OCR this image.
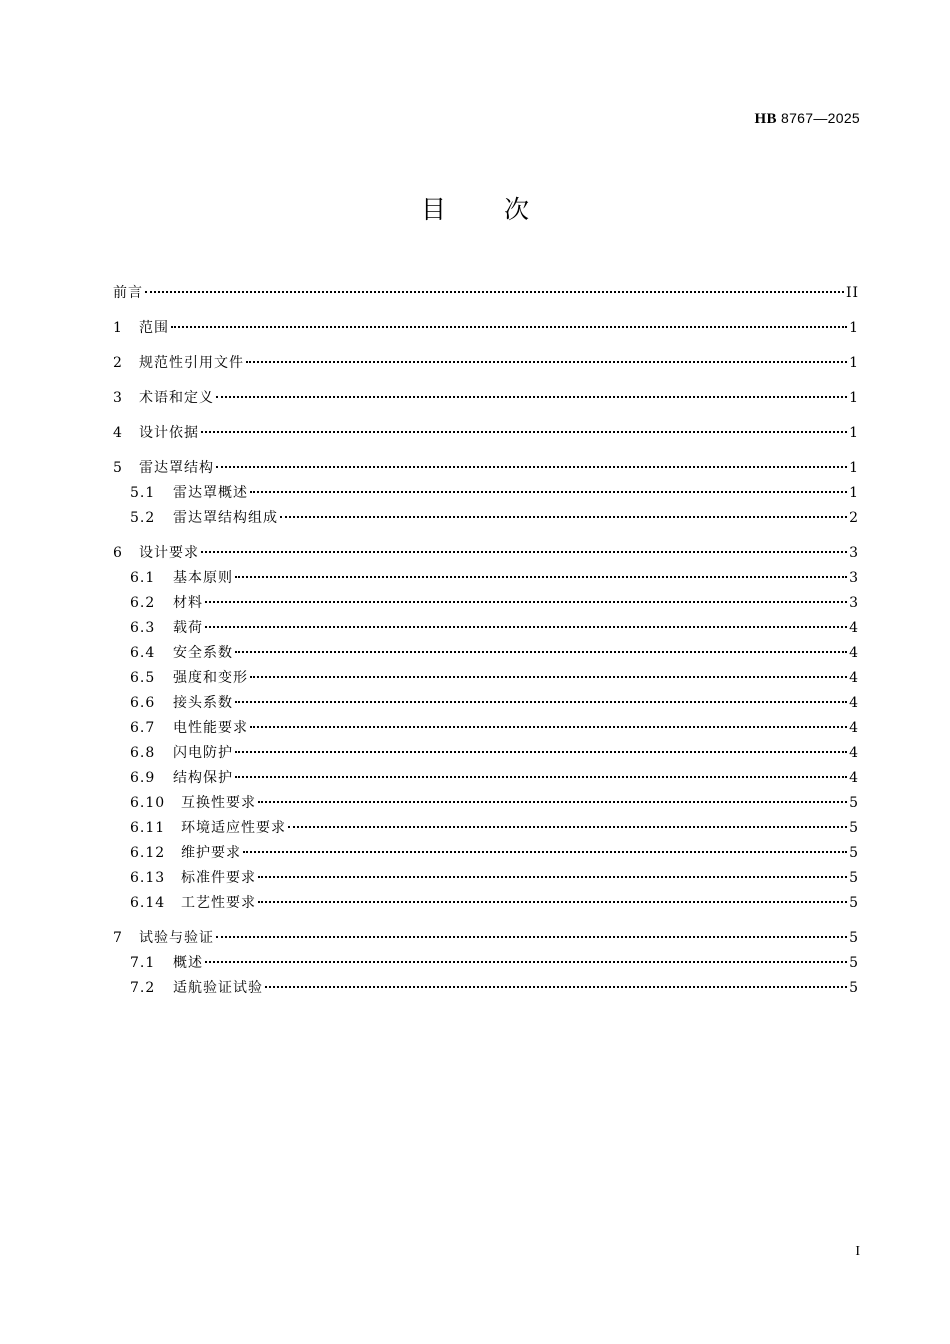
HB 8767—2025
目次
前言	II
1	范围	1
2	规范性引用文件	1
3	术语和定义	1
4	设计依据	1
5	雷达罩结构	1
5.1	雷达罩概述	1
5.2	雷达罩结构组成	2
6	设计要求	3
6.1	基本原则	3
6.2	材料	3
6.3	载荷	4
6.4	安全系数	4
6.5	强度和变形	4
6.6	接头系数	4
6.7	电性能要求	4
6.8	闪电防护	4
6.9	结构保护	4
6.10	互换性要求	5
6.11	环境适应性要求	5
6.12	维护要求	5
6.13	标准件要求	5
6.14	工艺性要求	5
7	试验与验证	5
7.1	概述	5
7.2	适航验证试验	5
I
